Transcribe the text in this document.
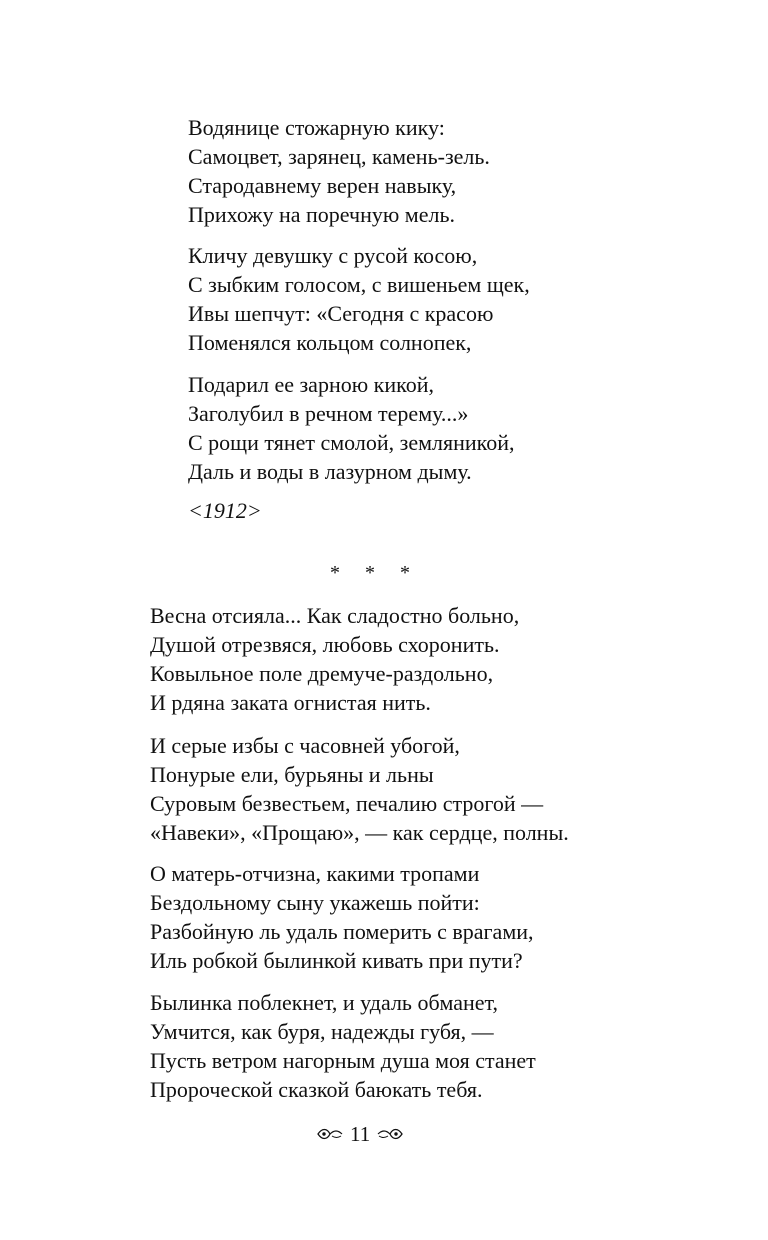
Водянице стожарную кику:
Самоцвет, зарянец, камень-зель.
Стародавнему верен навыку,
Прихожу на поречную мель.
Кличу девушку с русой косою,
С зыбким голосом, с вишеньем щек,
Ивы шепчут: «Сегодня с красою
Поменялся кольцом солнопек,
Подарил ее зарною кикой,
Заголубил в речном терему...»
С рощи тянет смолой, земляникой,
Даль и воды в лазурном дыму.
<1912>
* * *
Весна отсияла... Как сладостно больно,
Душой отрезвяся, любовь схоронить.
Ковыльное поле дремуче-раздольно,
И рдяна заката огнистая нить.
И серые избы с часовней убогой,
Понурые ели, бурьяны и льны
Суровым безвестьем, печалию строгой —
«Навеки», «Прощаю», — как сердце, полны.
О матерь-отчизна, какими тропами
Бездольному сыну укажешь пойти:
Разбойную ль удаль померить с врагами,
Иль робкой былинкой кивать при пути?
Былинка поблекнет, и удаль обманет,
Умчится, как буря, надежды губя, —
Пусть ветром нагорным душа моя станет
Пророческой сказкой баюкать тебя.
11
